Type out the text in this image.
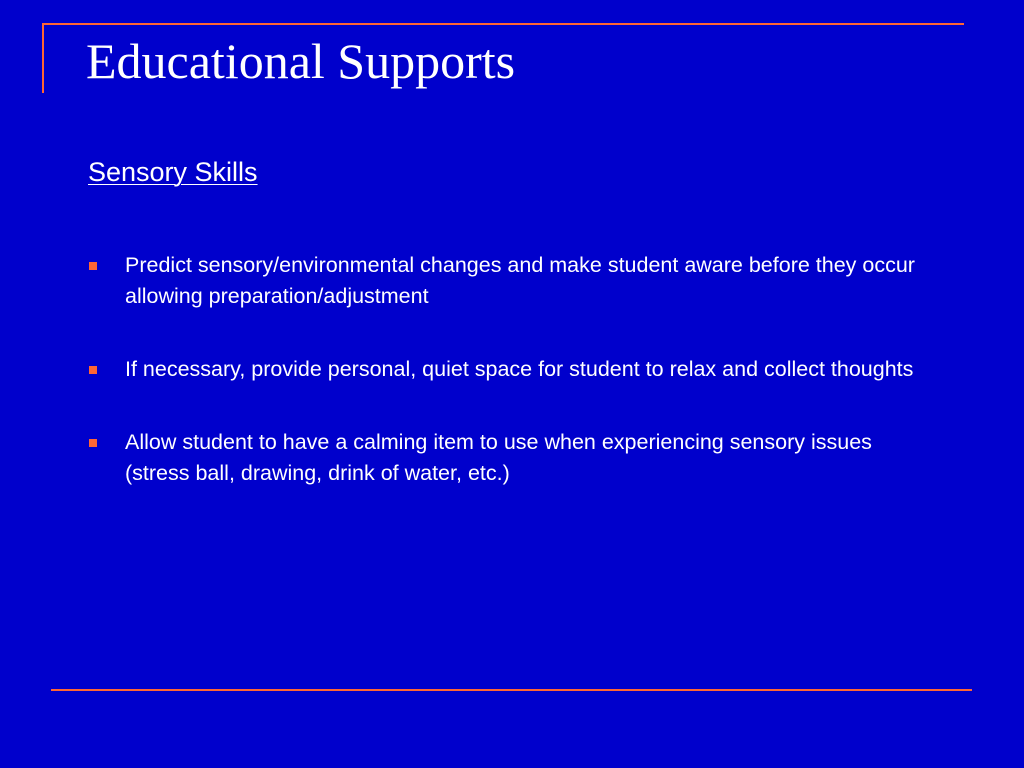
Educational Supports
Sensory Skills
Predict sensory/environmental changes and make student aware before they occur allowing preparation/adjustment
If necessary, provide personal, quiet space for student to relax and collect thoughts
Allow student to have a calming item to use when experiencing sensory issues (stress ball, drawing, drink of water, etc.)
